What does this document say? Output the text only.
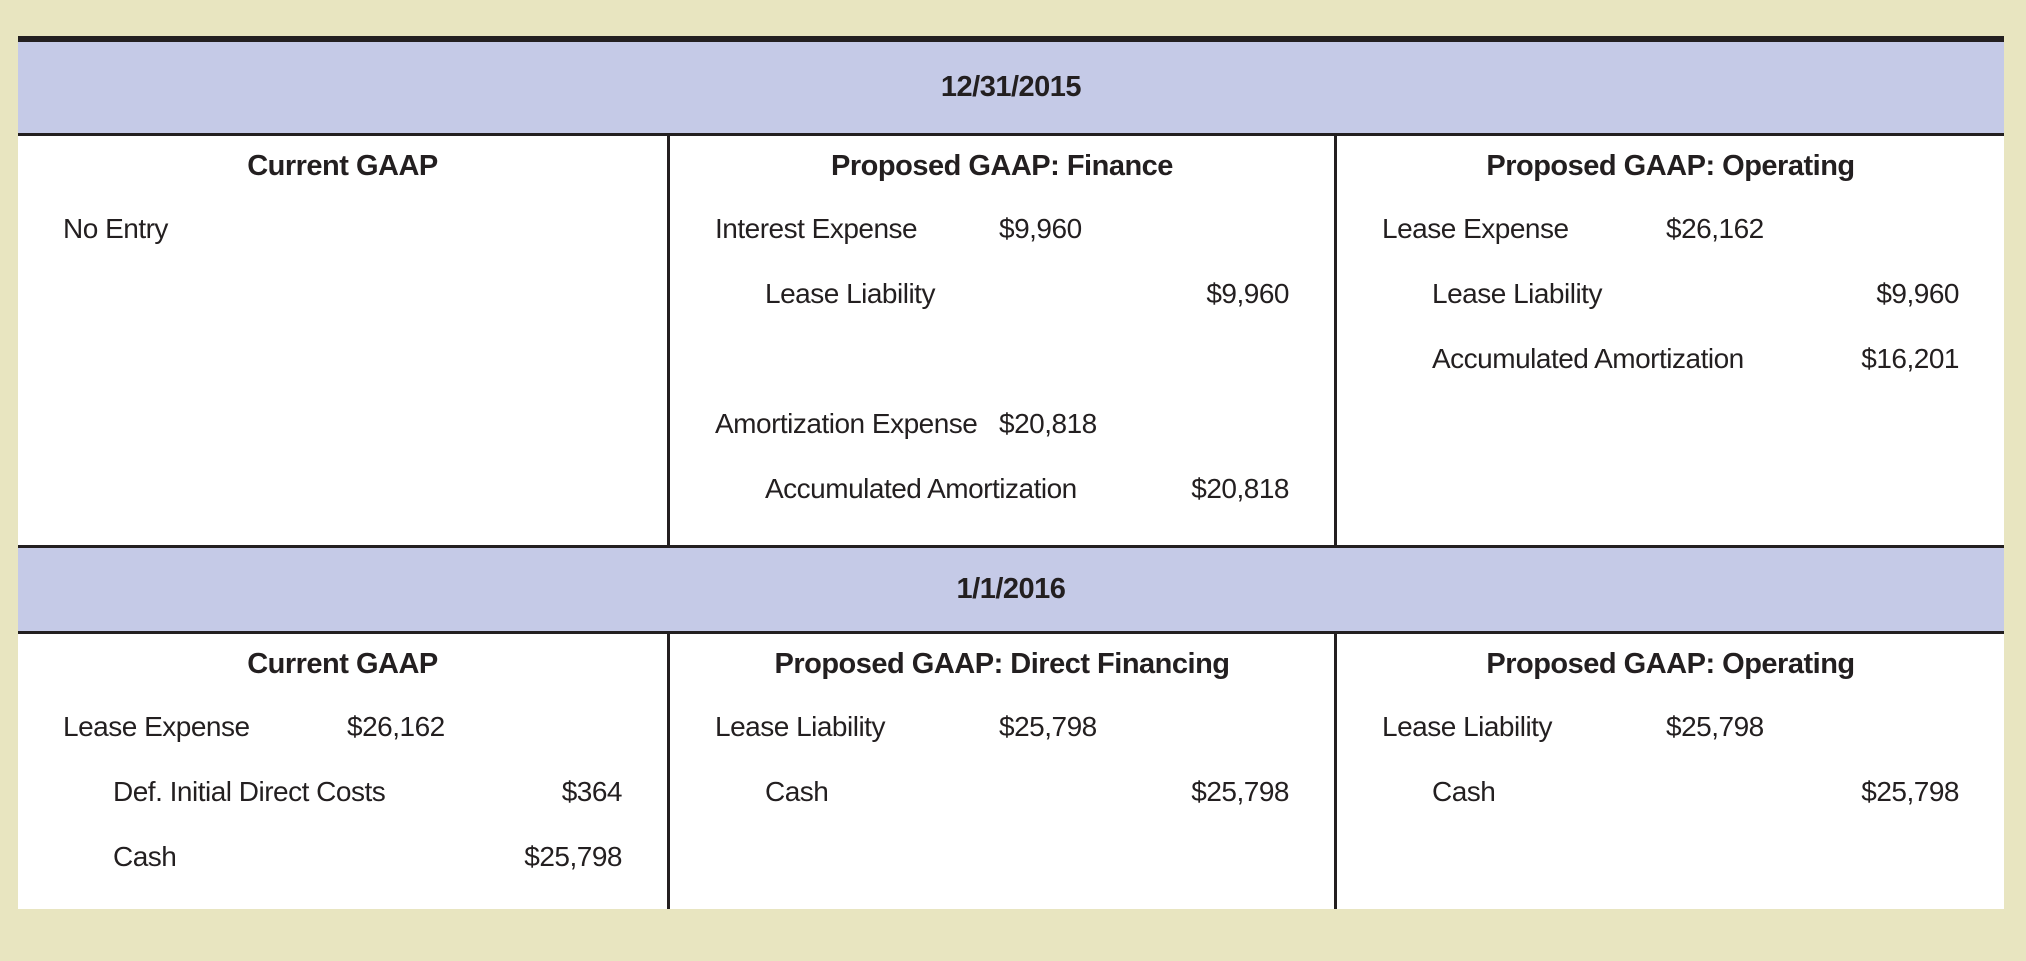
12/31/2015
Current GAAP
No Entry
Proposed GAAP: Finance
Interest Expense	$9,960
Lease Liability	$9,960
Amortization Expense $20,818
Accumulated Amortization	$20,818
Proposed GAAP: Operating
Lease Expense	$26,162
Lease Liability	$9,960
Accumulated Amortization	$16,201
1/1/2016
Current GAAP
Lease Expense	$26,162
Def. Initial Direct Costs	$364
Cash	$25,798
Proposed GAAP: Direct Financing
Lease Liability	$25,798
Cash	$25,798
Proposed GAAP: Operating
Lease Liability	$25,798
Cash	$25,798
